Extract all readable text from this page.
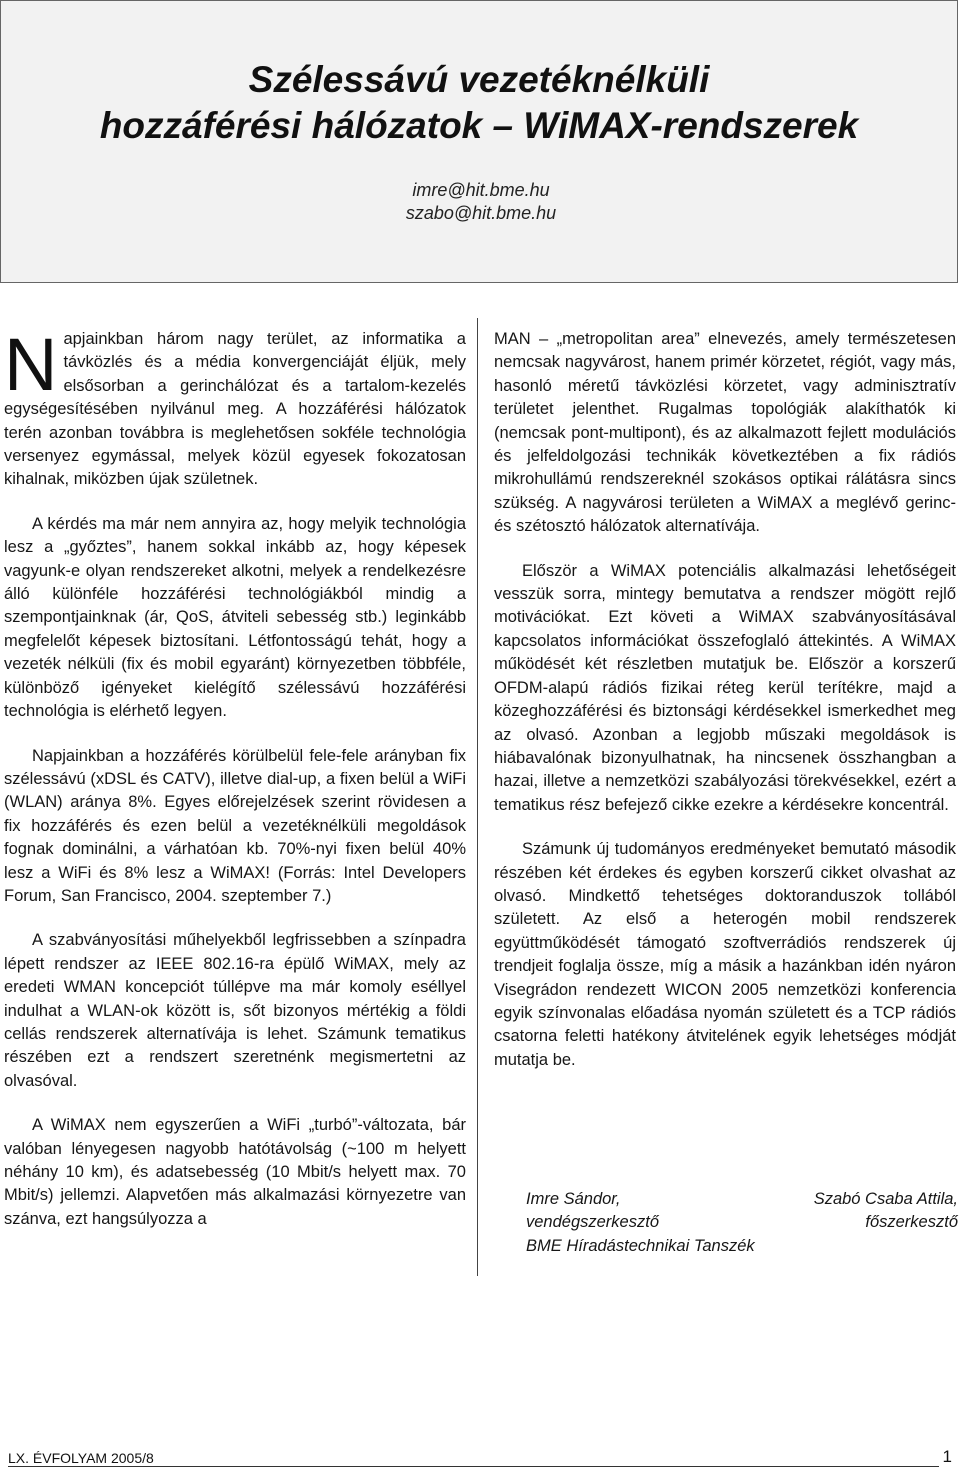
Szélessávú vezetéknélküli
hozzáférési hálózatok – WiMAX-rendszerek
imre@hit.bme.hu
szabo@hit.bme.hu

Napjainkban három nagy terület, az informatika a távközlés és a média konvergenciáját éljük, mely elsősorban a gerinchálózat és a tartalom-kezelés egységesítésében nyilvánul meg. A hozzáférési hálózatok terén azonban továbbra is meglehetősen sokféle technológia versenyez egymással, melyek közül egyesek fokozatosan kihalnak, miközben újak születnek.

A kérdés ma már nem annyira az, hogy melyik technológia lesz a „győztes”, hanem sokkal inkább az, hogy képesek vagyunk-e olyan rendszereket alkotni, melyek a rendelkezésre álló különféle hozzáférési technológiákból mindig a szempontjainknak (ár, QoS, átviteli sebesség stb.) leginkább megfelelőt képesek biztosítani. Létfontosságú tehát, hogy a vezeték nélküli (fix és mobil egyaránt) környezetben többféle, különböző igényeket kielégítő szélessávú hozzáférési technológia is elérhető legyen.

Napjainkban a hozzáférés körülbelül fele-fele arányban fix szélessávú (xDSL és CATV), illetve dial-up, a fixen belül a WiFi (WLAN) aránya 8%. Egyes előrejelzések szerint rövidesen a fix hozzáférés és ezen belül a vezetéknélküli megoldások fognak dominálni, a várhatóan kb. 70%-nyi fixen belül 40% lesz a WiFi és 8% lesz a WiMAX! (Forrás: Intel Developers Forum, San Francisco, 2004. szeptember 7.)

A szabványosítási műhelyekből legfrissebben a színpadra lépett rendszer az IEEE 802.16-ra épülő WiMAX, mely az eredeti WMAN koncepciót túllépve ma már komoly eséllyel indulhat a WLAN-ok között is, sőt bizonyos mértékig a földi cellás rendszerek alternatívája is lehet. Számunk tematikus részében ezt a rendszert szeretnénk megismertetni az olvasóval.

A WiMAX nem egyszerűen a WiFi „turbó”-változata, bár valóban lényegesen nagyobb hatótávolság (~100 m helyett néhány 10 km), és adatsebesség (10 Mbit/s helyett max. 70 Mbit/s) jellemzi. Alapvetően más alkalmazási környezetre van szánva, ezt hangsúlyozza a

MAN – „metropolitan area” elnevezés, amely természetesen nemcsak nagyvárost, hanem primér körzetet, régiót, vagy más, hasonló méretű távközlési körzetet, vagy adminisztratív területet jelenthet. Rugalmas topológiák alakíthatók ki (nemcsak pont-multipont), és az alkalmazott fejlett modulációs és jelfeldolgozási technikák következtében a fix rádiós mikrohullámú rendszereknél szokásos optikai rálátásra sincs szükség. A nagyvárosi területen a WiMAX a meglévő gerinc- és szétosztó hálózatok alternatívája.

Először a WiMAX potenciális alkalmazási lehetőségeit vesszük sorra, mintegy bemutatva a rendszer mögött rejlő motivációkat. Ezt követi a WiMAX szabványosításával kapcsolatos információkat összefoglaló áttekintés. A WiMAX működését két részletben mutatjuk be. Először a korszerű OFDM-alapú rádiós fizikai réteg kerül terítékre, majd a közeghozzáférési és biztonsági kérdésekkel ismerkedhet meg az olvasó. Azonban a legjobb műszaki megoldások is hiábavalónak bizonyulhatnak, ha nincsenek összhangban a hazai, illetve a nemzetközi szabályozási törekvésekkel, ezért a tematikus rész befejező cikke ezekre a kérdésekre koncentrál.

Számunk új tudományos eredményeket bemutató második részében két érdekes és egyben korszerű cikket olvashat az olvasó. Mindkettő tehetséges doktoranduszok tollából született. Az első a heterogén mobil rendszerek együttműködését támogató szoftverrádiós rendszerek új trendjeit foglalja össze, míg a másik a hazánkban idén nyáron Visegrádon rendezett WICON 2005 nemzetközi konferencia egyik színvonalas előadása nyomán született és a TCP rádiós csatorna feletti hatékony átvitelének egyik lehetséges módját mutatja be.

Imre Sándor,	Szabó Csaba Attila,
vendégszerkesztő	főszerkesztő
BME Híradástechnikai Tanszék
LX. ÉVFOLYAM 2005/8	1
